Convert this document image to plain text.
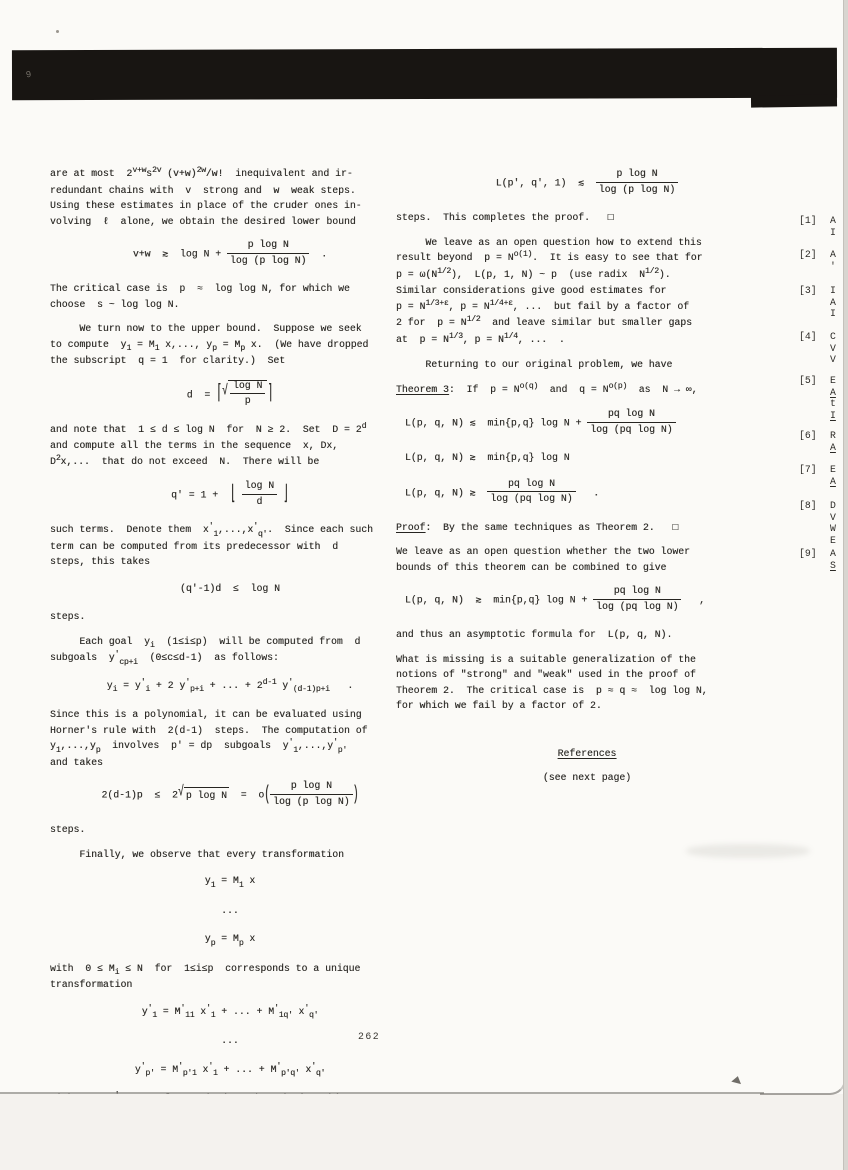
9
are at most  $2^{v+w}s^{2v}$ $(v+w)^{2w}/w$!  inequivalent and ir-
redundant chains with  v  strong and  w  weak steps.
Using these estimates in place of the cruder ones in-
volving  ℓ  alone, we obtain the desired lower bound
v+w  ≳  $\log N + \frac{\text{p log N}}{\text{log (p log N)}}$ .
The critical case is  p  ≈  log log N, for which we
choose  s ~ log log N.
We turn now to the upper bound.  Suppose we seek
to compute  $y_1 = M_1$ x,..., $y_p = M_p$ x.  (We have dropped
the subscript  q = 1  for clarity.)  Set
d  = ⌈√ $\frac{\text{log N}}{p}$ ⌉
and note that  1 ≤ d ≤ log N  for  N ≥ 2.  Set  $D = 2^d$
and compute all the terms in the sequence  x, Dx,
$D^2x$,...  that do not exceed  N.  There will be
q' = 1 +  ⌊ $\frac{\text{log N}}{d}$ ⌋
such terms.  Denote them  $x'_1,...,x'_{q'}$.  Since each such
term can be computed from its predecessor with  d
steps, this takes
(q'-1)d  ≤  log N
steps.
Each goal  $y_i$  (1≤i≤p)  will be computed from  d
subgoals  $y'_{cp+i}$  (0≤c≤d-1)  as follows:
$y_i = y'_i + 2$ $y'_{p+i}$ + ... + $2^{d-1}$ $y'_{(d-1)p+i}$   .
Since this is a polynomial, it can be evaluated using
Horner's rule with  2(d-1)  steps.  The computation of
$y_1,...,y_p$  involves  p' = dp  subgoals  $y'_1,...,y'_{p'}$
and takes
2(d-1)p  ≤  2√ p $\log N = o( \frac{\text{p log N}}{\text{log (p log N)}}$ )
steps.
Finally, we observe that every transformation
$y_1 = M_1$ x
...
$y_p = M_p$ x
with  $0 \le M_i \le N$  for  1≤i≤p  corresponds to a unique
transformation
$y'_1 = M'_{11}$ $x'_1$ + ... + $M'_{1q'}$ $x'_{q'}$
...
$y'_{p'} = M'_{p'1}$ $x'_1$ + ... + $M'_{p'q'}$ $x'_{q'}$
L(p', q', 1)  ≲ $\frac{\text{p log N}}{\text{log (p log N)}}$
steps.  This completes the proof.   □
We leave as an open question how to extend this
result beyond  $p = N^{o(1)}$.  It is easy to see that for
$p = \omega(N^{1/2})$,  L(p, 1, N) ~ p  (use radix  $N^{1/2}$).
Similar considerations give good estimates for
$p = N^{1/3+\varepsilon}$, $p = N^{1/4+\varepsilon}$, ...  but fail by a factor of
2 for  $p = N^{1/2}$  and leave similar but smaller gaps
at  $p = N^{1/3}$, $p = N^{1/4}$, ...  .
Returning to our original problem, we have
Theorem 3:  If  $p = N^{o(q)}$  and  $q = N^{o(p)}$  as  N → ∞,
L(p, q, N) ≲  min{p,q} $\log N + \frac{\text{pq log N}}{\text{log (pq log N)}}$
L(p, q, N) ≳  min{p,q} log N
L(p, q, N) ≳ $\frac{\text{pq log N}}{\text{log (pq log N)}}$ .
Proof:  By the same techniques as Theorem 2.   □
We leave as an open question whether the two lower
bounds of this theorem can be combined to give
L(p, q, N)  ≳  min{p,q} $\log N + \frac{\text{pq log N}}{\text{log (pq log N)}}$ ,
and thus an asymptotic formula for  L(p, q, N).
What is missing is a suitable generalization of the
notions of "strong" and "weak" used in the proof of
Theorem 2.  The critical case is  p ≈ q ≈  log log N,
for which we fail by a factor of 2.
References
(see next page)
[1] A
I
[2] A
'
[3] I
A
I
[4] C
V
V
[5] E
A
t
I
[6] R
A
[7] E
A
[8] D
V
W
E
[9] A
S
262
